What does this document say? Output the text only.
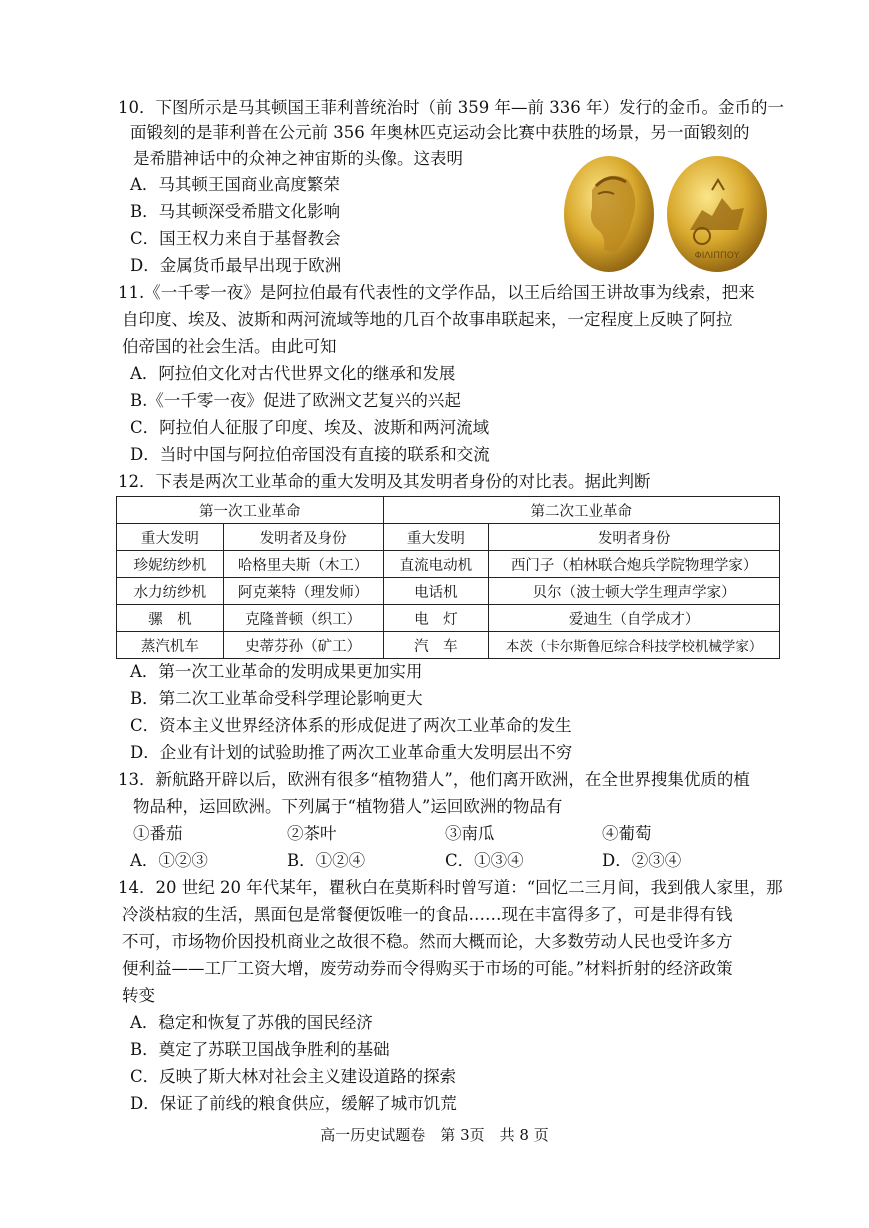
10．下图所示是马其顿国王菲利普统治时（前 359 年—前 336 年）发行的金币。金币的一
面锻刻的是菲利普在公元前 356 年奥林匹克运动会比赛中获胜的场景，另一面锻刻的
是希腊神话中的众神之神宙斯的头像。这表明
A．马其顿王国商业高度繁荣
B．马其顿深受希腊文化影响
C．国王权力来自于基督教会
D．金属货币最早出现于欧洲	ΦΙΛΙΠΠΟΥ
11.《一千零一夜》是阿拉伯最有代表性的文学作品，以王后给国王讲故事为线索，把来
自印度、埃及、波斯和两河流域等地的几百个故事串联起来，一定程度上反映了阿拉
伯帝国的社会生活。由此可知
A．阿拉伯文化对古代世界文化的继承和发展
B.《一千零一夜》促进了欧洲文艺复兴的兴起
C．阿拉伯人征服了印度、埃及、波斯和两河流域
D．当时中国与阿拉伯帝国没有直接的联系和交流
12．下表是两次工业革命的重大发明及其发明者身份的对比表。据此判断
第一次工业革命		第二次工业革命	
重大发明	发明者及身份	重大发明	发明者身份
珍妮纺纱机	哈格里夫斯（木工）	直流电动机	西门子（柏林联合炮兵学院物理学家）
水力纺纱机	阿克莱特（理发师）	电话机	贝尔（波士顿大学生理声学家）
骡　机	克隆普顿（织工）	电　灯	爱迪生（自学成才）
蒸汽机车	史蒂芬孙（矿工）	汽　车	本茨（卡尔斯鲁厄综合科技学校机械学家）
A．第一次工业革命的发明成果更加实用
B．第二次工业革命受科学理论影响更大
C．资本主义世界经济体系的形成促进了两次工业革命的发生
D．企业有计划的试验助推了两次工业革命重大发明层出不穷
13．新航路开辟以后，欧洲有很多“植物猎人”，他们离开欧洲，在全世界搜集优质的植
物品种，运回欧洲。下列属于“植物猎人”运回欧洲的物品有
①番茄	②茶叶	③南瓜	④葡萄
A．①②③	B．①②④	C．①③④	D．②③④
14．20 世纪 20 年代某年，瞿秋白在莫斯科时曾写道：“回忆二三月间，我到俄人家里，那
冷淡枯寂的生活，黑面包是常餐便饭唯一的食品……现在丰富得多了，可是非得有钱
不可，市场物价因投机商业之故很不稳。然而大概而论，大多数劳动人民也受许多方
便利益——工厂工资大增，废劳动券而令得购买于市场的可能。”材料折射的经济政策
转变
A．稳定和恢复了苏俄的国民经济
B．奠定了苏联卫国战争胜利的基础
C．反映了斯大林对社会主义建设道路的探索
D．保证了前线的粮食供应，缓解了城市饥荒
高一历史试题卷　第 3页　共 8 页
